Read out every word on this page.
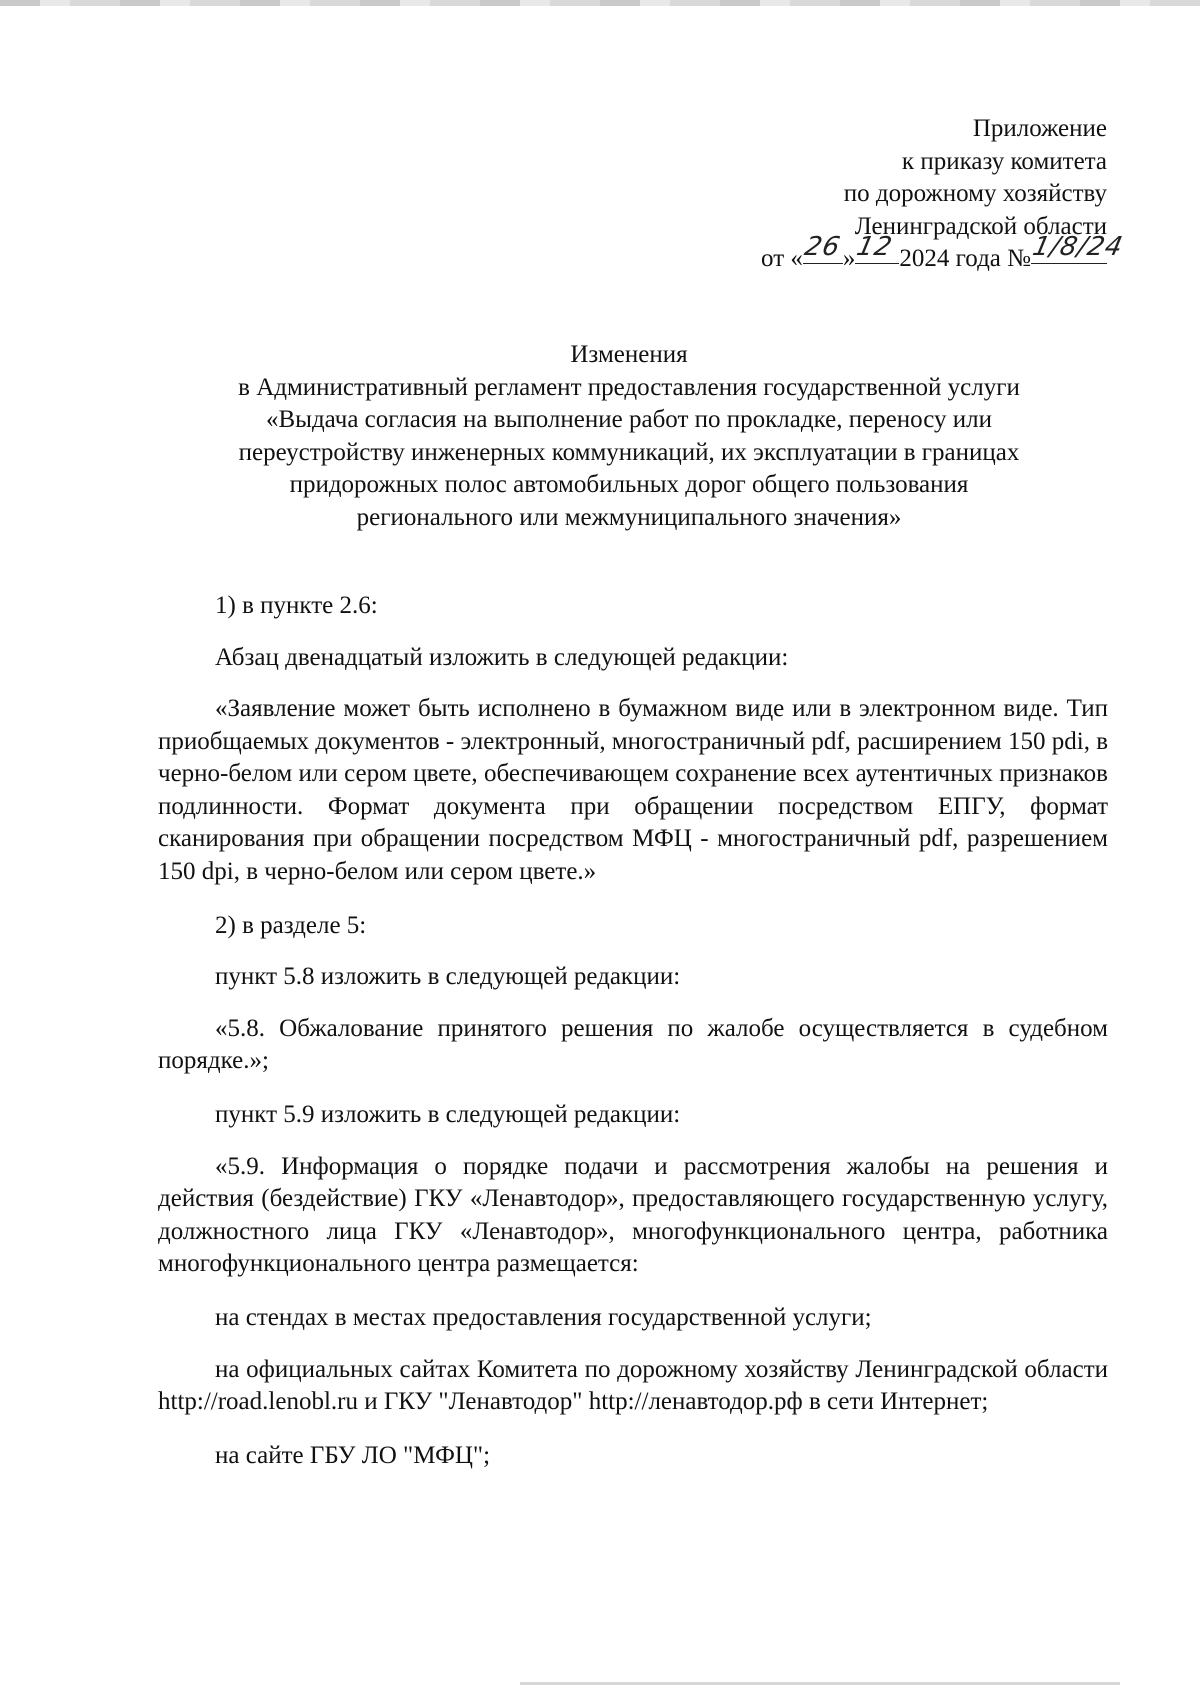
Приложение
к приказу комитета
по дорожному хозяйству
Ленинградской области
от «
26 »
12 2024 года №
1/8/24
Изменения
в Административный регламент предоставления государственной услуги
«Выдача согласия на выполнение работ по прокладке, переносу или
переустройству инженерных коммуникаций, их эксплуатации в границах
придорожных полос автомобильных дорог общего пользования
регионального или межмуниципального значения»

1) в пункте 2.6:

Абзац двенадцатый изложить в следующей редакции:

«Заявление может быть исполнено в бумажном виде или в электронном виде. Тип приобщаемых документов - электронный, многостраничный pdf, расширением 150 pdi, в черно-белом или сером цвете, обеспечивающем сохранение всех аутентичных признаков подлинности. Формат документа при обращении посредством ЕПГУ, формат сканирования при обращении посредством МФЦ - многостраничный pdf, разрешением 150 dpi, в черно-белом или сером цвете.»

2) в разделе 5:

пункт 5.8 изложить в следующей редакции:

«5.8. Обжалование принятого решения по жалобе осуществляется в судебном порядке.»;

пункт 5.9 изложить в следующей редакции:

«5.9. Информация о порядке подачи и рассмотрения жалобы на решения и действия (бездействие) ГКУ «Ленавтодор», предоставляющего государственную услугу, должностного лица ГКУ «Ленавтодор», многофункционального центра, работника многофункционального центра размещается:

на стендах в местах предоставления государственной услуги;

на официальных сайтах Комитета по дорожному хозяйству Ленинградской области http://road.lenobl.ru и ГКУ "Ленавтодор" http://ленавтодор.рф в сети Интернет;

на сайте ГБУ ЛО "МФЦ";
